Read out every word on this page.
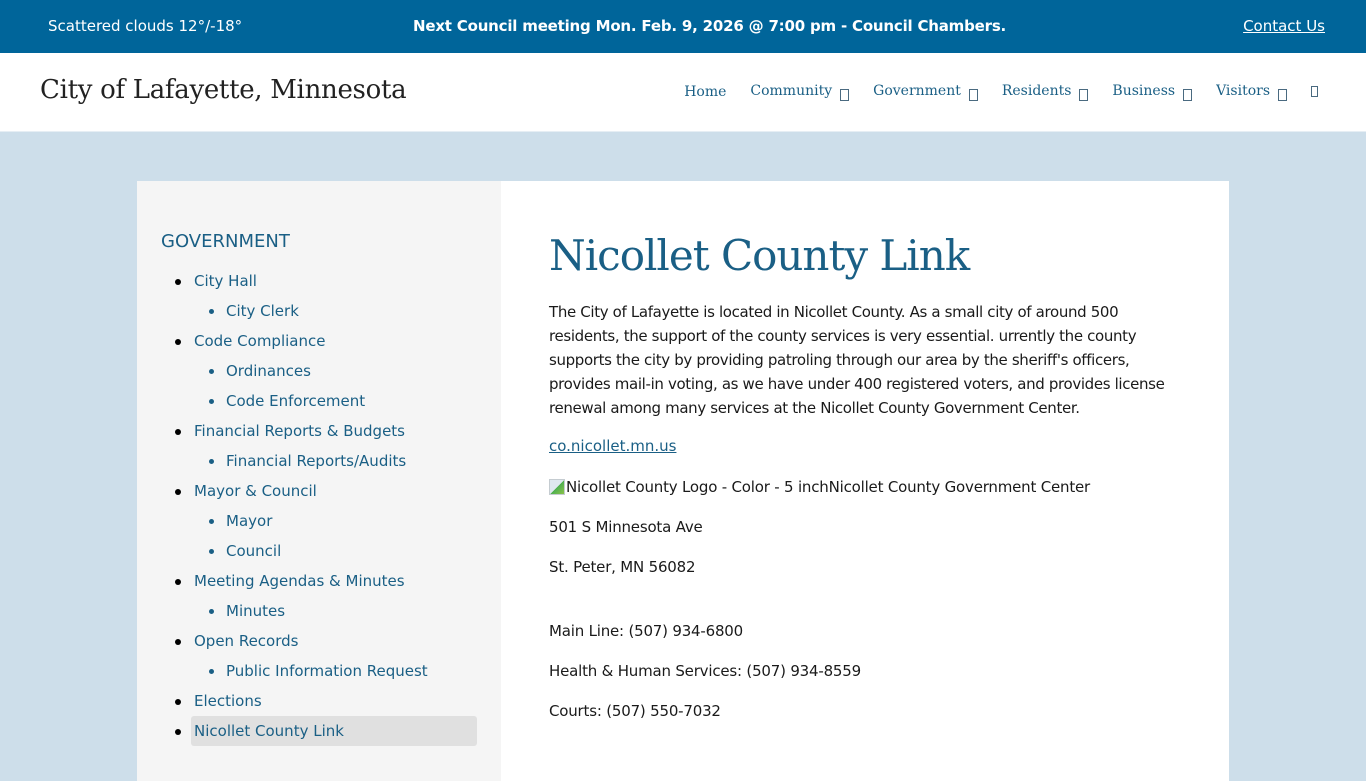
Scattered clouds 12°/-18°	Next Council meeting Mon. Feb. 9, 2026 @ 7:00 pm - Council Chambers.	Contact Us
City of Lafayette, Minnesota	Home Community	Government	Residents	Business	Visitors
GOVERNMENT
City Hall
City Clerk
Code Compliance
Ordinances
Code Enforcement
Financial Reports & Budgets
Financial Reports/Audits
Mayor & Council
Mayor
Council
Meeting Agendas & Minutes
Minutes
Open Records
Public Information Request
Elections
Nicollet County Link
Nicollet County Link

The City of Lafayette is located in Nicollet County. As a small city of around 500 residents, the support of the county services is very essential. urrently the county supports the city by providing patroling through our area by the sheriff's officers, provides mail-in voting, as we have under 400 registered voters, and provides license renewal among many services at the Nicollet County Government Center.

co.nicollet.mn.us
Nicollet County Logo - Color - 5 inch Nicollet County Government Center

501 S Minnesota Ave

St. Peter, MN 56082

Main Line: (507) 934-6800

Health & Human Services: (507) 934-8559

Courts: (507) 550-7032
